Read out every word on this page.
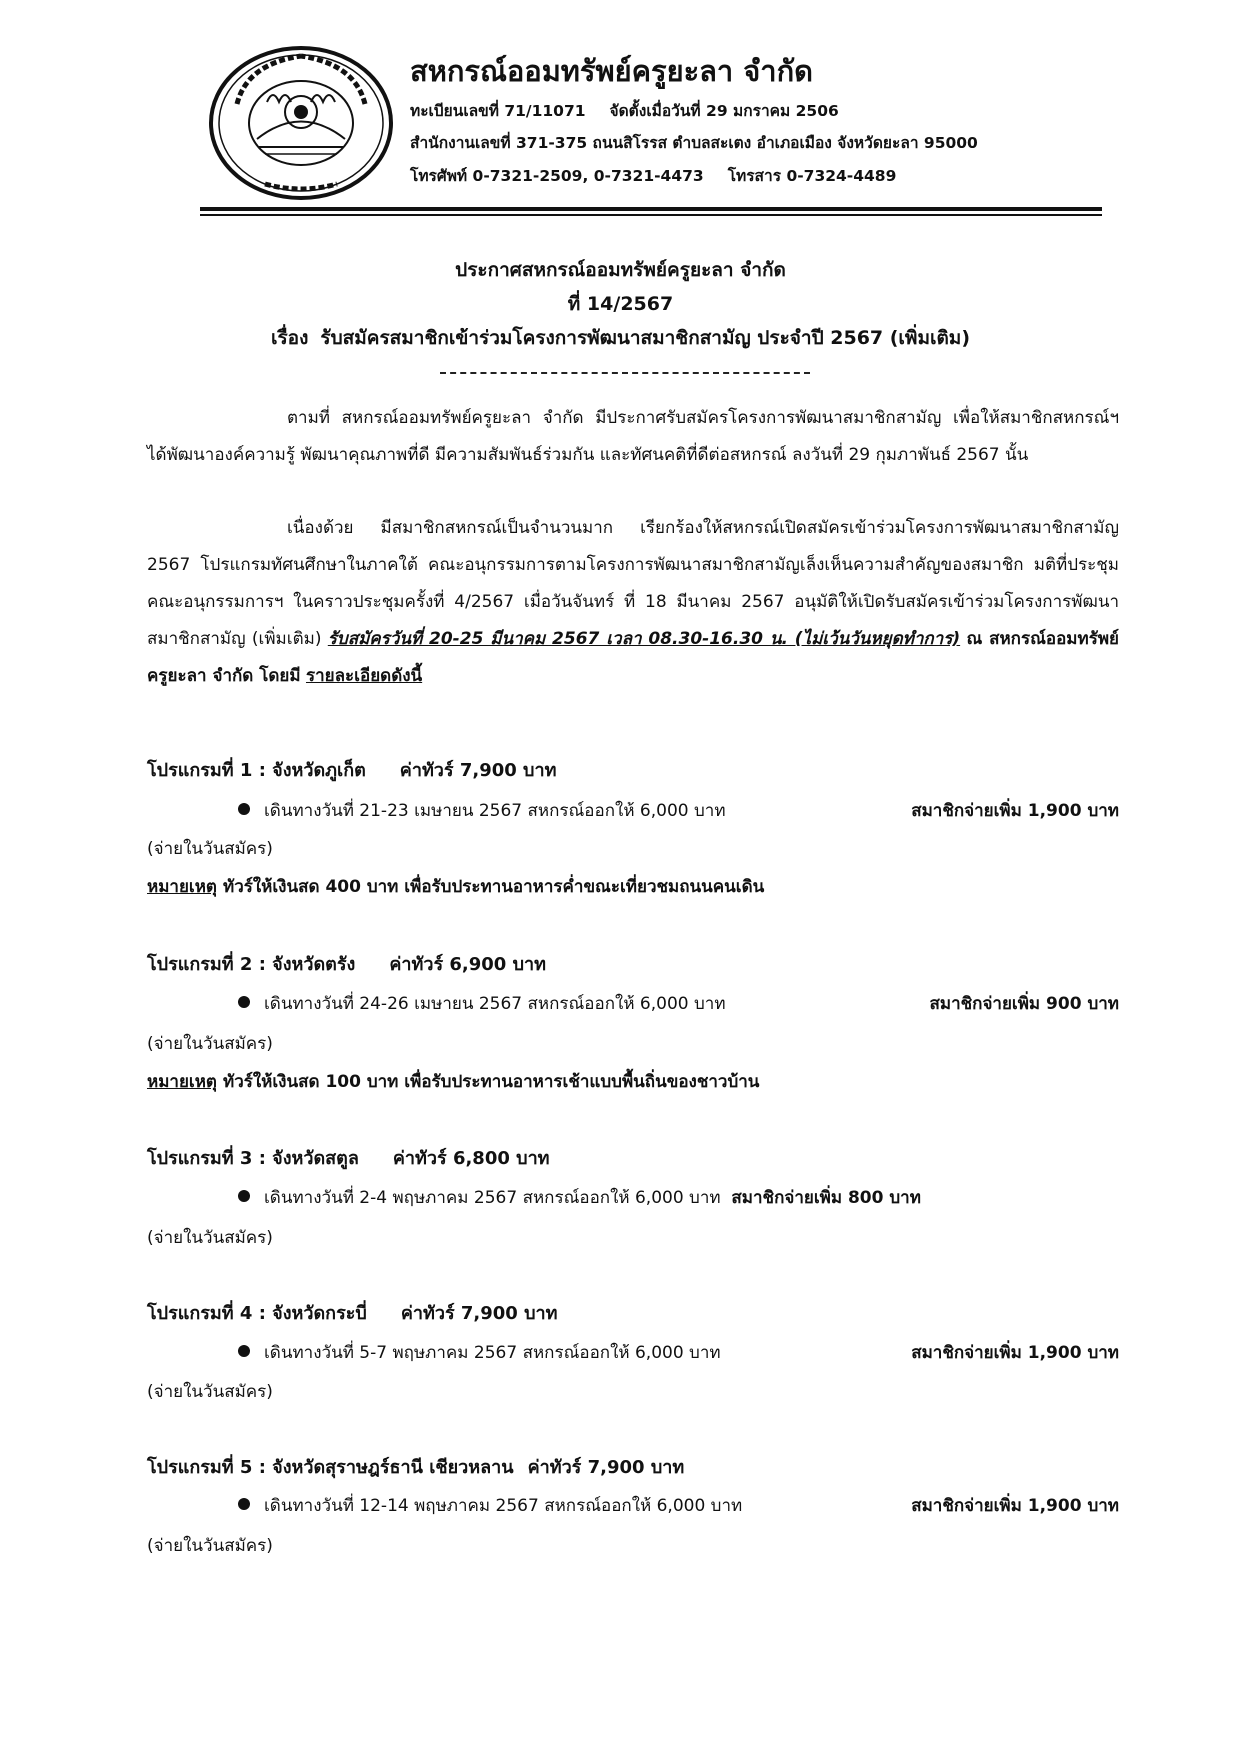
สหกรณ์ออมทรัพย์ครูยะลา จำกัด
ทะเบียนเลขที่ 71/11071 จัดตั้งเมื่อวันที่ 29 มกราคม 2506
สำนักงานเลขที่ 371-375 ถนนสิโรรส ตำบลสะเตง อำเภอเมือง จังหวัดยะลา 95000
โทรศัพท์ 0-7321-2509, 0-7321-4473 โทรสาร 0-7324-4489
ประกาศสหกรณ์ออมทรัพย์ครูยะลา จำกัด
ที่ 14/2567
เรื่อง รับสมัครสมาชิกเข้าร่วมโครงการพัฒนาสมาชิกสามัญ ประจำปี 2567 (เพิ่มเติม)
ตามที่ สหกรณ์ออมทรัพย์ครูยะลา จำกัด มีประกาศรับสมัครโครงการพัฒนาสมาชิกสามัญ เพื่อให้สมาชิกสหกรณ์ฯ ได้พัฒนาองค์ความรู้ พัฒนาคุณภาพที่ดี มีความสัมพันธ์ร่วมกัน และทัศนคติที่ดีต่อสหกรณ์ ลงวันที่ 29 กุมภาพันธ์ 2567 นั้น
เนื่องด้วย มีสมาชิกสหกรณ์เป็นจำนวนมาก เรียกร้องให้สหกรณ์เปิดสมัครเข้าร่วมโครงการพัฒนาสมาชิกสามัญ 2567 โปรแกรมทัศนศึกษาในภาคใต้ คณะอนุกรรมการตามโครงการพัฒนาสมาชิกสามัญเล็งเห็นความสำคัญของสมาชิก มติที่ประชุมคณะอนุกรรมการฯ ในคราวประชุมครั้งที่ 4/2567 เมื่อวันจันทร์ ที่ 18 มีนาคม 2567 อนุมัติให้เปิดรับสมัครเข้าร่วมโครงการพัฒนาสมาชิกสามัญ (เพิ่มเติม) รับสมัครวันที่ 20-25 มีนาคม 2567 เวลา 08.30-16.30 น. (ไม่เว้นวันหยุดทำการ) ณ สหกรณ์ออมทรัพย์ครูยะลา จำกัด โดยมี รายละเอียดดังนี้
โปรแกรมที่ 1 : จังหวัดภูเก็ต ค่าทัวร์ 7,900 บาท
เดินทางวันที่ 21-23 เมษายน 2567 สหกรณ์ออกให้ 6,000 บาท	สมาชิกจ่ายเพิ่ม 1,900 บาท
(จ่ายในวันสมัคร)
หมายเหตุ ทัวร์ให้เงินสด 400 บาท เพื่อรับประทานอาหารค่ำขณะเที่ยวชมถนนคนเดิน
โปรแกรมที่ 2 : จังหวัดตรัง ค่าทัวร์ 6,900 บาท
เดินทางวันที่ 24-26 เมษายน 2567 สหกรณ์ออกให้ 6,000 บาท	สมาชิกจ่ายเพิ่ม 900 บาท
(จ่ายในวันสมัคร)
หมายเหตุ ทัวร์ให้เงินสด 100 บาท เพื่อรับประทานอาหารเช้าแบบพื้นถิ่นของชาวบ้าน
โปรแกรมที่ 3 : จังหวัดสตูล ค่าทัวร์ 6,800 บาท
เดินทางวันที่ 2-4 พฤษภาคม 2567 สหกรณ์ออกให้ 6,000 บาท สมาชิกจ่ายเพิ่ม 800 บาท
(จ่ายในวันสมัคร)
โปรแกรมที่ 4 : จังหวัดกระบี่ ค่าทัวร์ 7,900 บาท
เดินทางวันที่ 5-7 พฤษภาคม 2567 สหกรณ์ออกให้ 6,000 บาท	สมาชิกจ่ายเพิ่ม 1,900 บาท
(จ่ายในวันสมัคร)
โปรแกรมที่ 5 : จังหวัดสุราษฎร์ธานี เชียวหลาน ค่าทัวร์ 7,900 บาท
เดินทางวันที่ 12-14 พฤษภาคม 2567 สหกรณ์ออกให้ 6,000 บาท	สมาชิกจ่ายเพิ่ม 1,900 บาท
(จ่ายในวันสมัคร)
